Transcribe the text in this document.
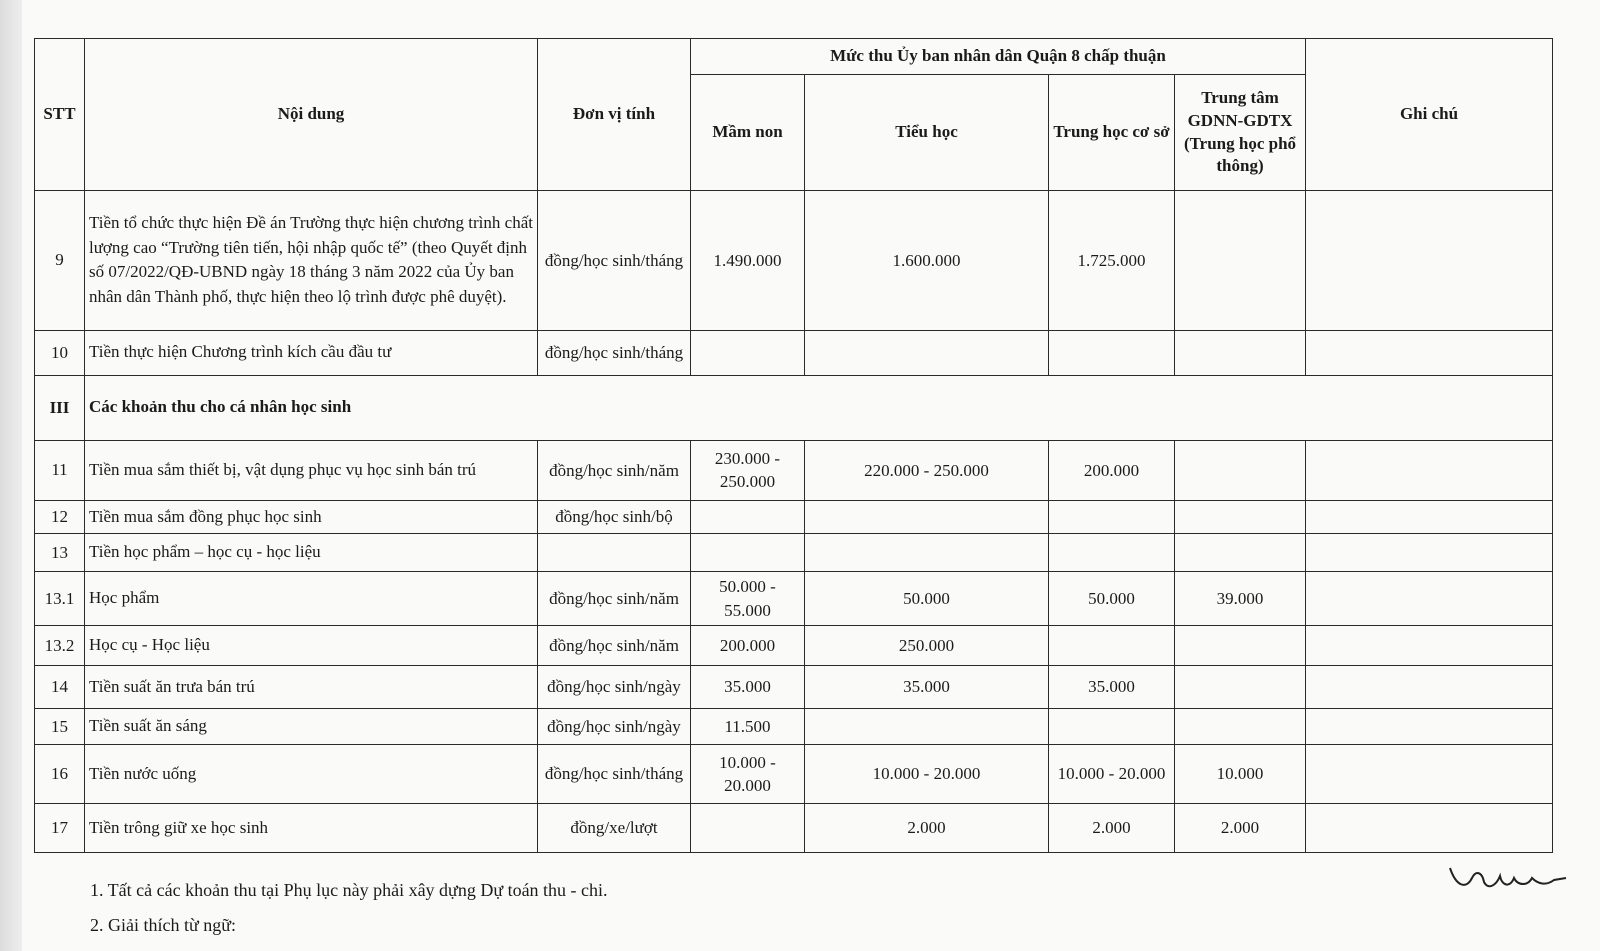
STT	Nội dung	Đơn vị tính	Mức thu Ủy ban nhân dân Quận 8 chấp thuận				Ghi chú
			Mầm non	Tiểu học	Trung học cơ sở	Trung tâm GDNN-GDTX (Trung học phổ thông)	
9	Tiền tổ chức thực hiện Đề án Trường thực hiện chương trình chất lượng cao “Trường tiên tiến, hội nhập quốc tế” (theo Quyết định số 07/2022/QĐ-UBND ngày 18 tháng 3 năm 2022 của Ủy ban nhân dân Thành phố, thực hiện theo lộ trình được phê duyệt).	đồng/học sinh/tháng	1.490.000	1.600.000	1.725.000		
10	Tiền thực hiện Chương trình kích cầu đầu tư	đồng/học sinh/tháng					
III	Các khoản thu cho cá nhân học sinh						
11	Tiền mua sắm thiết bị, vật dụng phục vụ học sinh bán trú	đồng/học sinh/năm	230.000 - 250.000	220.000 - 250.000	200.000		
12	Tiền mua sắm đồng phục học sinh	đồng/học sinh/bộ					
13	Tiền học phẩm – học cụ - học liệu						
13.1	Học phẩm	đồng/học sinh/năm	50.000 - 55.000	50.000	50.000	39.000	
13.2	Học cụ - Học liệu	đồng/học sinh/năm	200.000	250.000			
14	Tiền suất ăn trưa bán trú	đồng/học sinh/ngày	35.000	35.000	35.000		
15	Tiền suất ăn sáng	đồng/học sinh/ngày	11.500				
16	Tiền nước uống	đồng/học sinh/tháng	10.000 - 20.000	10.000 - 20.000	10.000 - 20.000	10.000	
17	Tiền trông giữ xe học sinh	đồng/xe/lượt		2.000	2.000	2.000	

1. Tất cả các khoản thu tại Phụ lục này phải xây dựng Dự toán thu - chi.

2. Giải thích từ ngữ:
